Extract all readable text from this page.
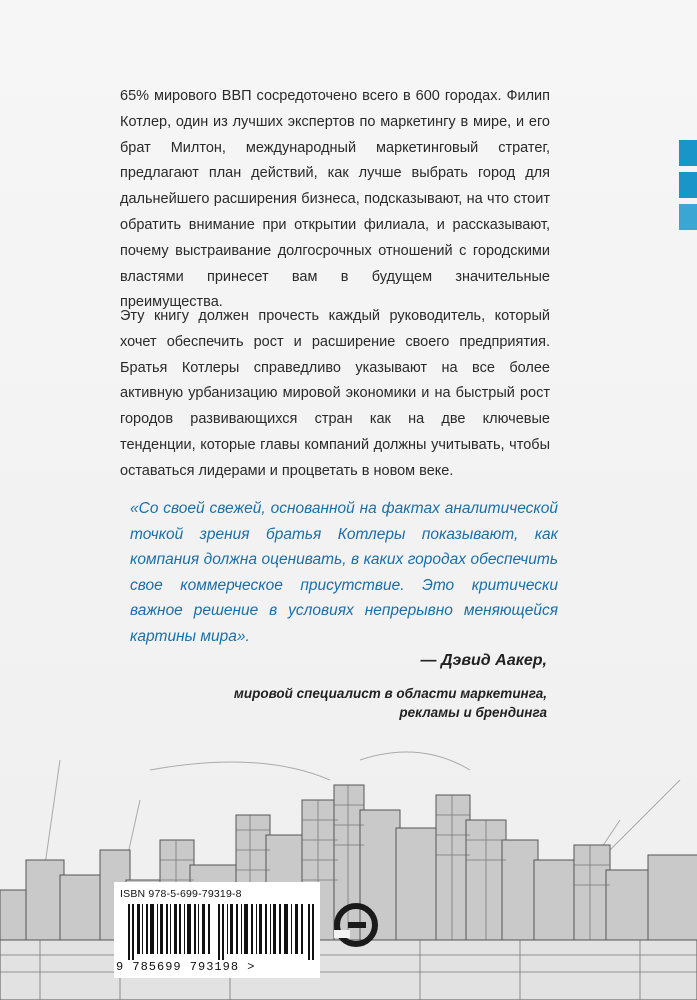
65% мирового ВВП сосредоточено всего в 600 городах. Филип Котлер, один из лучших экспертов по маркетингу в мире, и его брат Милтон, международный маркетинговый стратег, предлагают план действий, как лучше выбрать город для дальнейшего расширения бизнеса, подсказывают, на что стоит обратить внимание при открытии филиала, и рассказывают, почему выстраивание долгосрочных отношений с городскими властями принесет вам в будущем значительные преимущества.

Эту книгу должен прочесть каждый руководитель, который хочет обеспечить рост и расширение своего предприятия. Братья Котлеры справедливо указывают на все более активную урбанизацию мировой экономики и на быстрый рост городов развивающихся стран как на две ключевые тенденции, которые главы компаний должны учитывать, чтобы оставаться лидерами и процветать в новом веке.

«Со своей свежей, основанной на фактах аналитической точкой зрения братья Котлеры показывают, как компания должна оценивать, в каких городах обеспечить свое коммерческое присутствие. Это критически важное решение в условиях непрерывно меняющейся картины мира».

— Дэвид Аакер,
мировой специалист в области маркетинга, рекламы и брендинга
ISBN 978-5-699-79319-8
9 785699 793198 >
Э
